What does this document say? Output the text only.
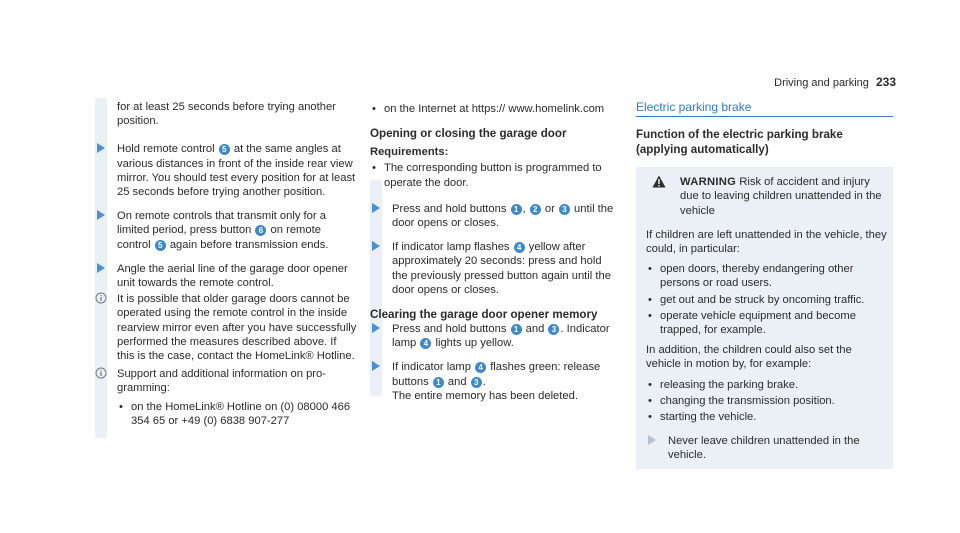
Driving and parking 233
for at least 25 seconds before trying another position.
Hold remote control 5 at the same angles at various distances in front of the inside rear view mirror. You should test every position for at least 25 seconds before trying another position.
On remote controls that transmit only for a limited period, press button 6 on remote control 5 again before transmission ends.
Angle the aerial line of the garage door opener unit towards the remote control.
It is possible that older garage doors cannot be operated using the remote control in the inside rearview mirror even after you have successfully performed the measures described above. If this is the case, contact the HomeLink® Hotline.
Support and additional information on programming:
• on the HomeLink® Hotline on (0) 08000 466 354 65 or +49 (0) 6838 907-277
• on the Internet at https:// www.homelink.com
Opening or closing the garage door
Requirements:
• The corresponding button is programmed to operate the door.
Press and hold buttons 1 , 2 or 3 until the door opens or closes.
If indicator lamp flashes 4 yellow after approximately 20 seconds: press and hold the previously pressed button again until the door opens or closes.
Clearing the garage door opener memory
Press and hold buttons 1 and 3 . Indicator lamp 4 lights up yellow.
If indicator lamp 4 flashes green: release buttons 1 and 3 .
The entire memory has been deleted.
Electric parking brake
Function of the electric parking brake (applying automatically)
WARNING Risk of accident and injury due to leaving children unattended in the vehicle
If children are left unattended in the vehicle, they could, in particular:
• open doors, thereby endangering other persons or road users.
• get out and be struck by oncoming traffic.
• operate vehicle equipment and become trapped, for example.
In addition, the children could also set the vehicle in motion by, for example:
• releasing the parking brake.
• changing the transmission position.
• starting the vehicle.
Never leave children unattended in the vehicle.
